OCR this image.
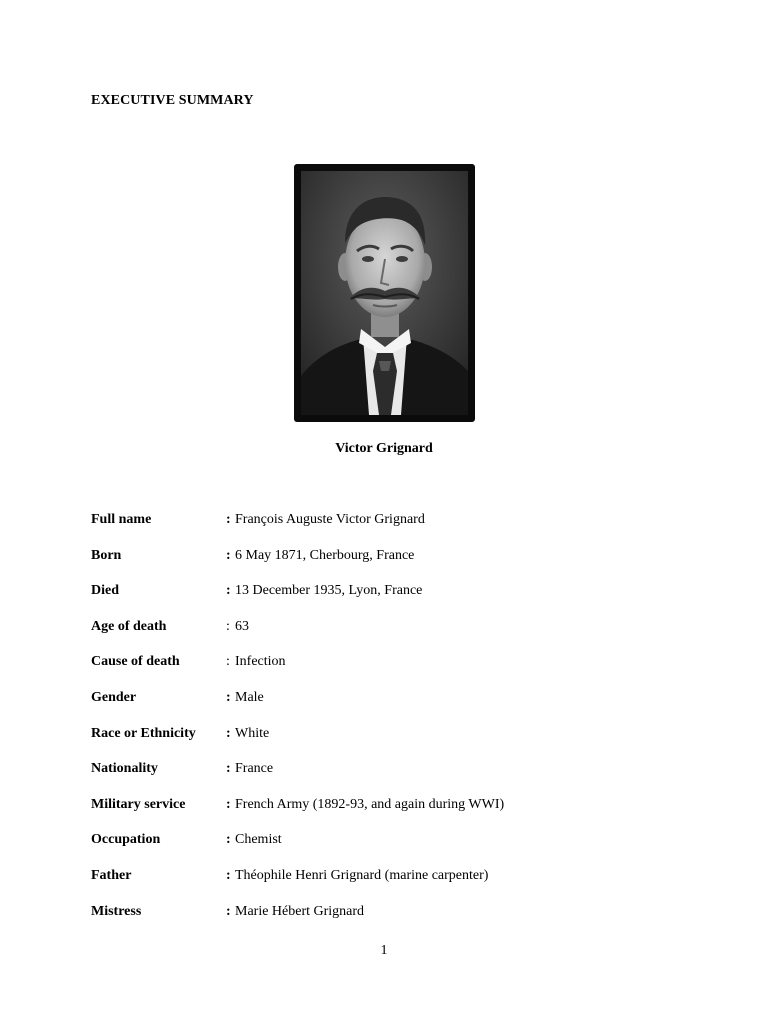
EXECUTIVE SUMMARY
Victor Grignard
Full name	: François Auguste Victor Grignard
Born	: 6 May 1871, Cherbourg, France
Died	: 13 December 1935, Lyon, France
Age of death	: 63
Cause of death	: Infection
Gender	: Male
Race or Ethnicity : White
Nationality	: France
Military service	: French Army (1892-93, and again during WWI)
Occupation	: Chemist
Father	: Théophile Henri Grignard (marine carpenter)
Mistress	: Marie Hébert Grignard
1
